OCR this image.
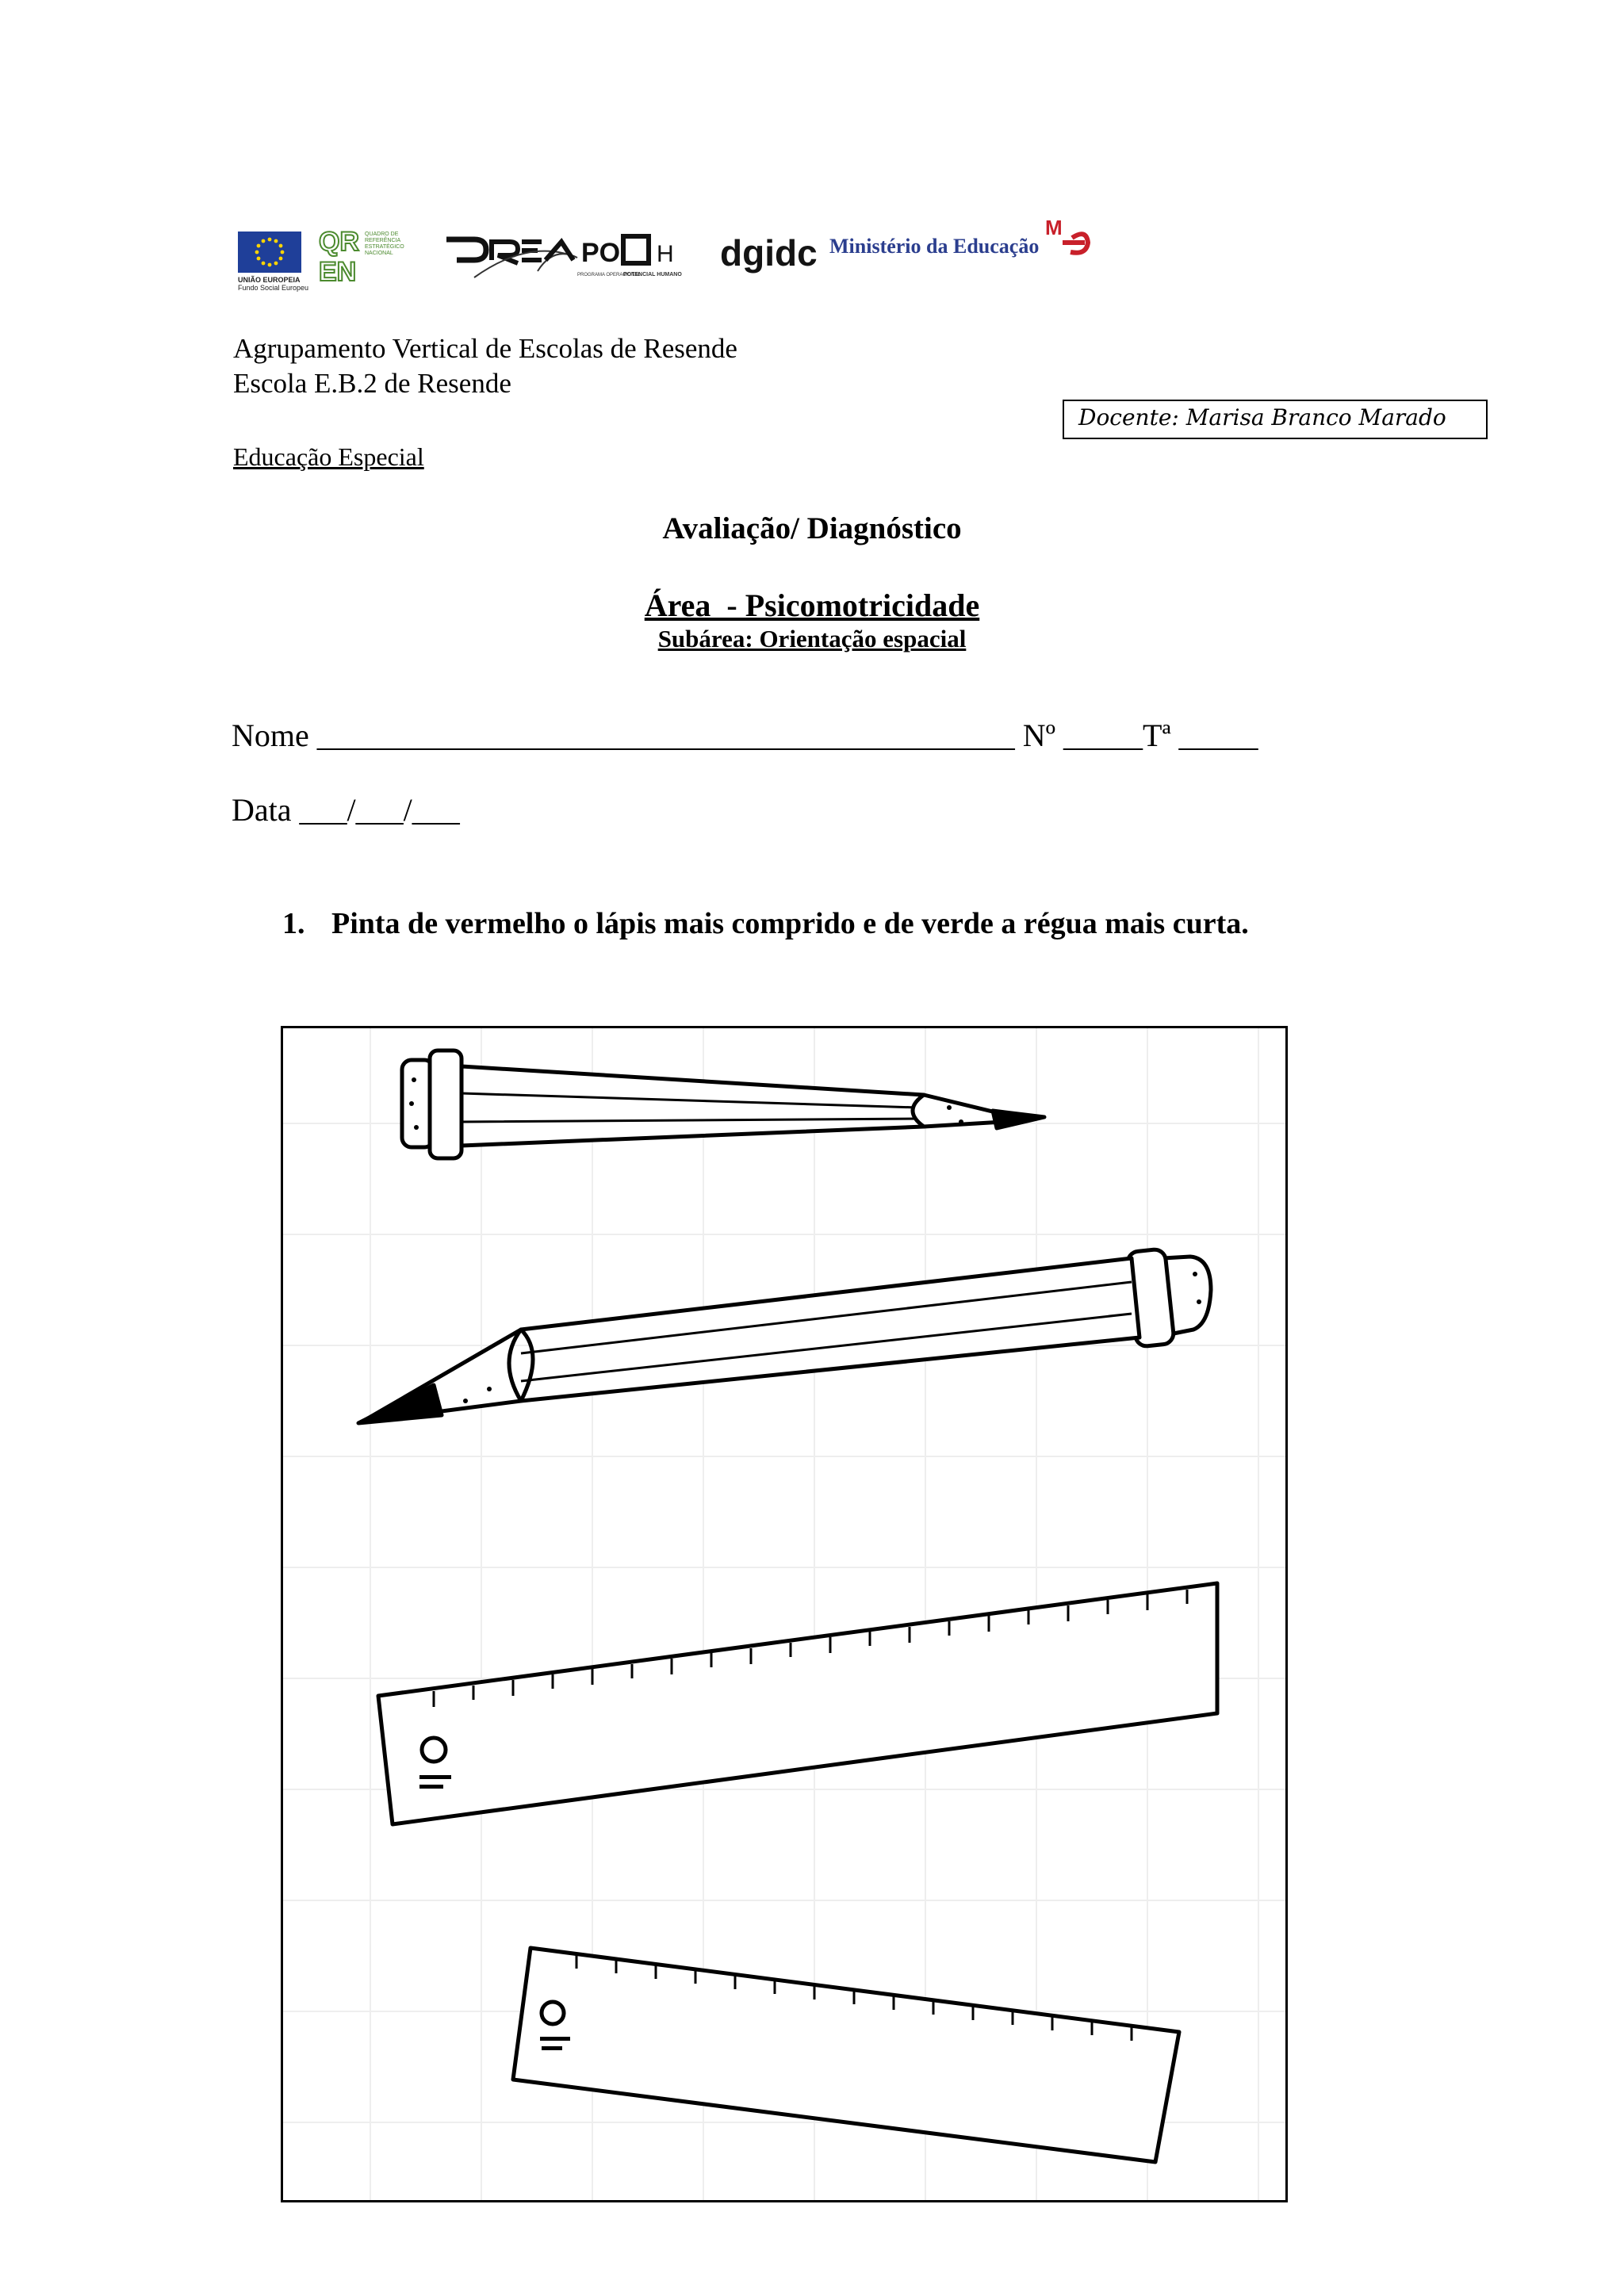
UNIÃO EUROPEIA
Fundo Social Europeu
QR
EN
QUADRO DE REFERÊNCIA ESTRATÉGICO NACIONAL	PO H
PROGRAMA OPERACIONAL
POTENCIAL HUMANO
dgidc Ministério da Educação
M
Agrupamento Vertical de Escolas de Resende
Escola E.B.2 de Resende
Docente: Marisa Branco Marado
Educação Especial
Avaliação/ Diagnóstico
Área  - Psicomotricidade
Subárea: Orientação espacial
Nome ____________________________________________ Nº _____Tª _____
Data ___/___/___
1. Pinta de vermelho o lápis mais comprido e de verde a régua mais curta.
